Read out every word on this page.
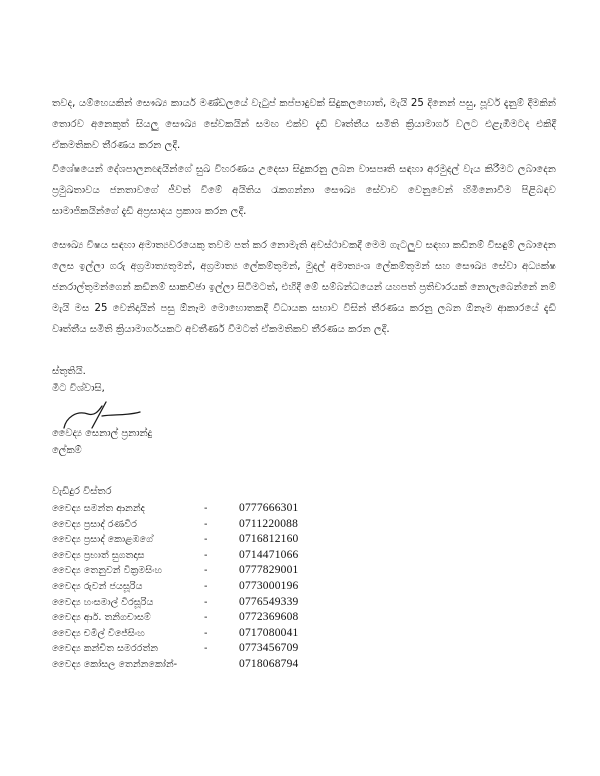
තවද, යම්හෙයකින් සෞඛ්‍ය කාර්ය මණ්ඩලයේ වැටුප් කප්පාදුවක් සිදුකලහොත්, මැයි 25 දිනෙන් පසු, පූර්ව දැනුම් දීමකින් තොරව අනෙකුත් සියලු සෞඛ්‍ය සේවකයින් සමඟ එක්ව දැඩි වෘත්තීය සමිති ක්‍රියාමාර්ග වලට එළැඹීමටද එකිදී ඒකමතිකව තීරණය කරන ලදී.

විශේෂයෙන් දේශපාලනඥයින්ගේ සුඛ විහරණය උදෙසා සිදුකරනු ලබන වාසපෘති සඳහා අරමුදල් වැය කිරීමට ලබාදෙන ප්‍රමුඛතාවය ජනතාවගේ ජීවත් වීමේ අයිතිය රැකගන්නා සෞඛ්‍ය සේවාව වෙනුවෙන් හිමිනොවීම පිළිබඳව සාමාජිකයින්ගේ දැඩි අප්‍රසාදය ප්‍රකාශ කරන ලදී.

සෞඛ්‍ය විෂය සඳහා අමාත්‍යවරයෙකු තවම පත් කර නොමැති අවස්ථාවකදී මෙම ගැටලුව සඳහා කඩිනම් විසඳුම් ලබාදෙන ලෙස ඉල්ලා ගරු අග්‍රමාත්‍යතුමන්, අග්‍රමාත්‍ය ලේකම්තුමන්, මුදල් අමාත්‍යංශ ලේකම්තුමන් සහ සෞඛ්‍ය සේවා අධ්‍යක්ෂ ජනරාල්තුමන්ගෙන් කඩිනම් සාකච්ඡා ඉල්ලා සිටීමටත්, එහිදී මේ සම්බන්ධයෙන් යහපත් ප්‍රතිචාරයක් නොලැබෙන්නේ නම් මැයි මස 25 වෙනිදායින් පසු ඕනෑම මොහොතකදී විධායක සභාව විසින් තීරණය කරනු ලබන ඕනෑම ආකාරයේ දැඩි වෘත්තීය සමිති ක්‍රියාමාර්ගයකට අවතීර්ණ වීමටත් ඒකමතිකව තීරණය කරන ලදී.

ස්තුතියි.

මීට විශ්වාසි,

වෛද්‍ය සෙනාල් ප්‍රනාන්දු
ලේකම්
වැඩිදුර විස්තර
වෛද්‍ය සමන්ත ආනන්ද	-	0777666301
වෛද්‍ය ප්‍රසාද් රණවීර	-	0711220088
වෛද්‍ය ප්‍රසාද් කොළඹගේ	-	0716812160
වෛද්‍ය ප්‍රභාත් සුගතදාස	-	0714471066
වෛද්‍ය තෙනුවන් වික්‍රමසිංහ	-	0777829001
වෛද්‍ය රුවන් ජයසූරිය	-	0773000196
වෛද්‍ය හංසමාල් වීරසූරිය	-	0776549339
වෛද්‍ය ආර්. තනිගචාසම්	-	0772369608
වෛද්‍ය චමිල් විජේසිංහ	-	0717080041
වෛද්‍ය කන්චිත සමරරත්න	-	0773456709
වෛද්‍ය කෝසල තෙන්නකෝන්-	0718068794
